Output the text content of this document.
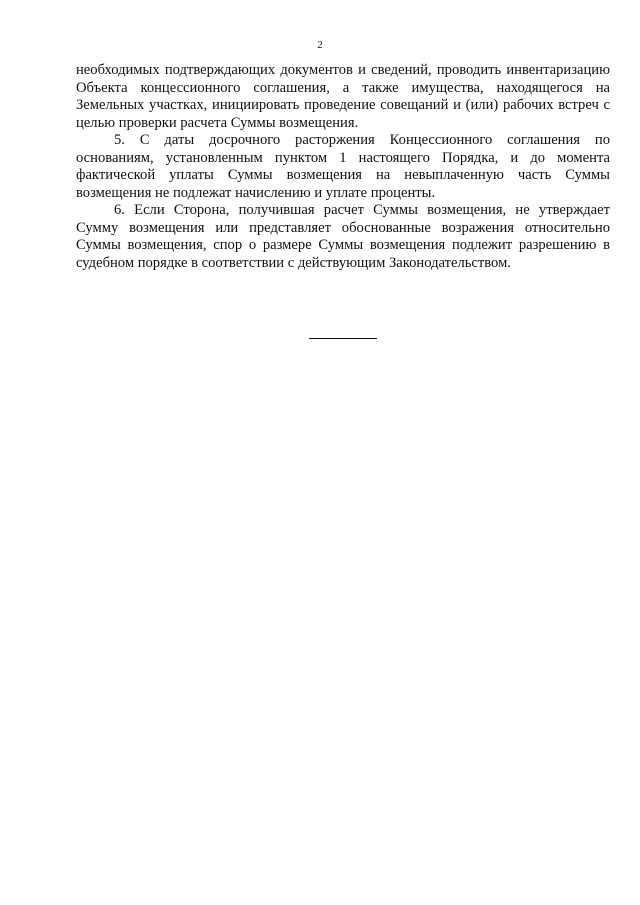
2

необходимых подтверждающих документов и сведений, проводить инвентаризацию Объекта концессионного соглашения, а также имущества, находящегося на Земельных участках, инициировать проведение совещаний и (или) рабочих встреч с целью проверки расчета Суммы возмещения.

5. С даты досрочного расторжения Концессионного соглашения по основаниям, установленным пунктом 1 настоящего Порядка, и до момента фактической уплаты Суммы возмещения на невыплаченную часть Суммы возмещения не подлежат начислению и уплате проценты.

6. Если Сторона, получившая расчет Суммы возмещения, не утверждает Сумму возмещения или представляет обоснованные возражения относительно Суммы возмещения, спор о размере Суммы возмещения подлежит разрешению в судебном порядке в соответствии с действующим Законодательством.
